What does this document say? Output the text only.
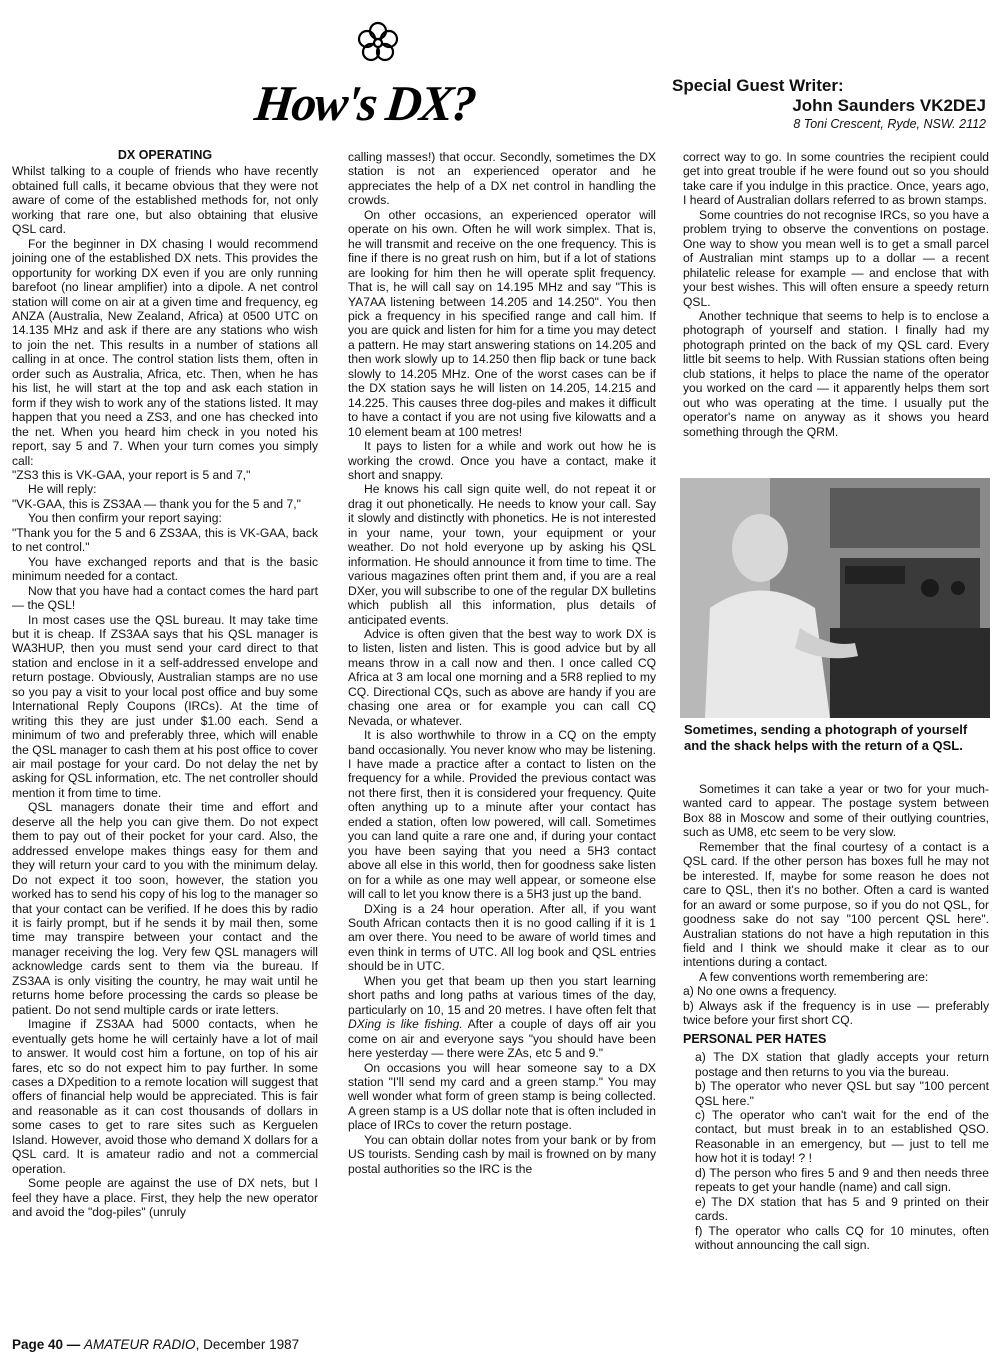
How's DX?	Special Guest Writer:
John Saunders VK2DEJ
8 Toni Crescent, Ryde, NSW. 2112
DX OPERATING

Whilst talking to a couple of friends who have recently obtained full calls, it became obvious that they were not aware of come of the established methods for, not only working that rare one, but also obtaining that elusive QSL card.

For the beginner in DX chasing I would recommend joining one of the established DX nets. This provides the opportunity for working DX even if you are only running barefoot (no linear amplifier) into a dipole. A net control station will come on air at a given time and frequency, eg ANZA (Australia, New Zealand, Africa) at 0500 UTC on 14.135 MHz and ask if there are any stations who wish to join the net. This results in a number of stations all calling in at once. The control station lists them, often in order such as Australia, Africa, etc. Then, when he has his list, he will start at the top and ask each station in form if they wish to work any of the stations listed. It may happen that you need a ZS3, and one has checked into the net. When you heard him check in you noted his report, say 5 and 7. When your turn comes you simply call:

"ZS3 this is VK-GAA, your report is 5 and 7,"

He will reply:

"VK-GAA, this is ZS3AA — thank you for the 5 and 7,"

You then confirm your report saying:

"Thank you for the 5 and 6 ZS3AA, this is VK-GAA, back to net control."

You have exchanged reports and that is the basic minimum needed for a contact.

Now that you have had a contact comes the hard part — the QSL!

In most cases use the QSL bureau. It may take time but it is cheap. If ZS3AA says that his QSL manager is WA3HUP, then you must send your card direct to that station and enclose in it a self-addressed envelope and return postage. Obviously, Australian stamps are no use so you pay a visit to your local post office and buy some International Reply Coupons (IRCs). At the time of writing this they are just under $1.00 each. Send a minimum of two and preferably three, which will enable the QSL manager to cash them at his post office to cover air mail postage for your card. Do not delay the net by asking for QSL information, etc. The net controller should mention it from time to time.

QSL managers donate their time and effort and deserve all the help you can give them. Do not expect them to pay out of their pocket for your card. Also, the addressed envelope makes things easy for them and they will return your card to you with the minimum delay. Do not expect it too soon, however, the station you worked has to send his copy of his log to the manager so that your contact can be verified. If he does this by radio it is fairly prompt, but if he sends it by mail then, some time may transpire between your contact and the manager receiving the log. Very few QSL managers will acknowledge cards sent to them via the bureau. If ZS3AA is only visiting the country, he may wait until he returns home before processing the cards so please be patient. Do not send multiple cards or irate letters.

Imagine if ZS3AA had 5000 contacts, when he eventually gets home he will certainly have a lot of mail to answer. It would cost him a fortune, on top of his air fares, etc so do not expect him to pay further. In some cases a DXpedition to a remote location will suggest that offers of financial help would be appreciated. This is fair and reasonable as it can cost thousands of dollars in some cases to get to rare sites such as Kerguelen Island. However, avoid those who demand X dollars for a QSL card. It is amateur radio and not a commercial operation.

Some people are against the use of DX nets, but I feel they have a place. First, they help the new operator and avoid the "dog-piles" (unruly

calling masses!) that occur. Secondly, sometimes the DX station is not an experienced operator and he appreciates the help of a DX net control in handling the crowds.

On other occasions, an experienced operator will operate on his own. Often he will work simplex. That is, he will transmit and receive on the one frequency. This is fine if there is no great rush on him, but if a lot of stations are looking for him then he will operate split frequency. That is, he will call say on 14.195 MHz and say "This is YA7AA listening between 14.205 and 14.250". You then pick a frequency in his specified range and call him. If you are quick and listen for him for a time you may detect a pattern. He may start answering stations on 14.205 and then work slowly up to 14.250 then flip back or tune back slowly to 14.205 MHz. One of the worst cases can be if the DX station says he will listen on 14.205, 14.215 and 14.225. This causes three dog-piles and makes it difficult to have a contact if you are not using five kilowatts and a 10 element beam at 100 metres!

It pays to listen for a while and work out how he is working the crowd. Once you have a contact, make it short and snappy.

He knows his call sign quite well, do not repeat it or drag it out phonetically. He needs to know your call. Say it slowly and distinctly with phonetics. He is not interested in your name, your town, your equipment or your weather. Do not hold everyone up by asking his QSL information. He should announce it from time to time. The various magazines often print them and, if you are a real DXer, you will subscribe to one of the regular DX bulletins which publish all this information, plus details of anticipated events.

Advice is often given that the best way to work DX is to listen, listen and listen. This is good advice but by all means throw in a call now and then. I once called CQ Africa at 3 am local one morning and a 5R8 replied to my CQ. Directional CQs, such as above are handy if you are chasing one area or for example you can call CQ Nevada, or whatever.

It is also worthwhile to throw in a CQ on the empty band occasionally. You never know who may be listening. I have made a practice after a contact to listen on the frequency for a while. Provided the previous contact was not there first, then it is considered your frequency. Quite often anything up to a minute after your contact has ended a station, often low powered, will call. Sometimes you can land quite a rare one and, if during your contact you have been saying that you need a 5H3 contact above all else in this world, then for goodness sake listen on for a while as one may well appear, or someone else will call to let you know there is a 5H3 just up the band.

DXing is a 24 hour operation. After all, if you want South African contacts then it is no good calling if it is 1 am over there. You need to be aware of world times and even think in terms of UTC. All log book and QSL entries should be in UTC.

When you get that beam up then you start learning short paths and long paths at various times of the day, particularly on 10, 15 and 20 metres. I have often felt that DXing is like fishing. After a couple of days off air you come on air and everyone says "you should have been here yesterday — there were ZAs, etc 5 and 9."

On occasions you will hear someone say to a DX station "I'll send my card and a green stamp." You may well wonder what form of green stamp is being collected. A green stamp is a US dollar note that is often included in place of IRCs to cover the return postage.

You can obtain dollar notes from your bank or by from US tourists. Sending cash by mail is frowned on by many postal authorities so the IRC is the

correct way to go. In some countries the recipient could get into great trouble if he were found out so you should take care if you indulge in this practice. Once, years ago, I heard of Australian dollars referred to as brown stamps.

Some countries do not recognise IRCs, so you have a problem trying to observe the conventions on postage. One way to show you mean well is to get a small parcel of Australian mint stamps up to a dollar — a recent philatelic release for example — and enclose that with your best wishes. This will often ensure a speedy return QSL.

Another technique that seems to help is to enclose a photograph of yourself and station. I finally had my photograph printed on the back of my QSL card. Every little bit seems to help. With Russian stations often being club stations, it helps to place the name of the operator you worked on the card — it apparently helps them sort out who was operating at the time. I usually put the operator's name on anyway as it shows you heard something through the QRM.

Sometimes, sending a photograph of yourself and the shack helps with the return of a QSL.

Sometimes it can take a year or two for your much-wanted card to appear. The postage system between Box 88 in Moscow and some of their outlying countries, such as UM8, etc seem to be very slow.

Remember that the final courtesy of a contact is a QSL card. If the other person has boxes full he may not be interested. If, maybe for some reason he does not care to QSL, then it's no bother. Often a card is wanted for an award or some purpose, so if you do not QSL, for goodness sake do not say "100 percent QSL here". Australian stations do not have a high reputation in this field and I think we should make it clear as to our intentions during a contact.

A few conventions worth remembering are:

a) No one owns a frequency.

b) Always ask if the frequency is in use — preferably twice before your first short CQ.

PERSONAL PER HATES

a) The DX station that gladly accepts your return postage and then returns to you via the bureau.

b) The operator who never QSL but say "100 percent QSL here."

c) The operator who can't wait for the end of the contact, but must break in to an established QSO. Reasonable in an emergency, but — just to tell me how hot it is today! ? !

d) The person who fires 5 and 9 and then needs three repeats to get your handle (name) and call sign.

e) The DX station that has 5 and 9 printed on their cards.

f) The operator who calls CQ for 10 minutes, often without announcing the call sign.

Page 40 — AMATEUR RADIO, December 1987
